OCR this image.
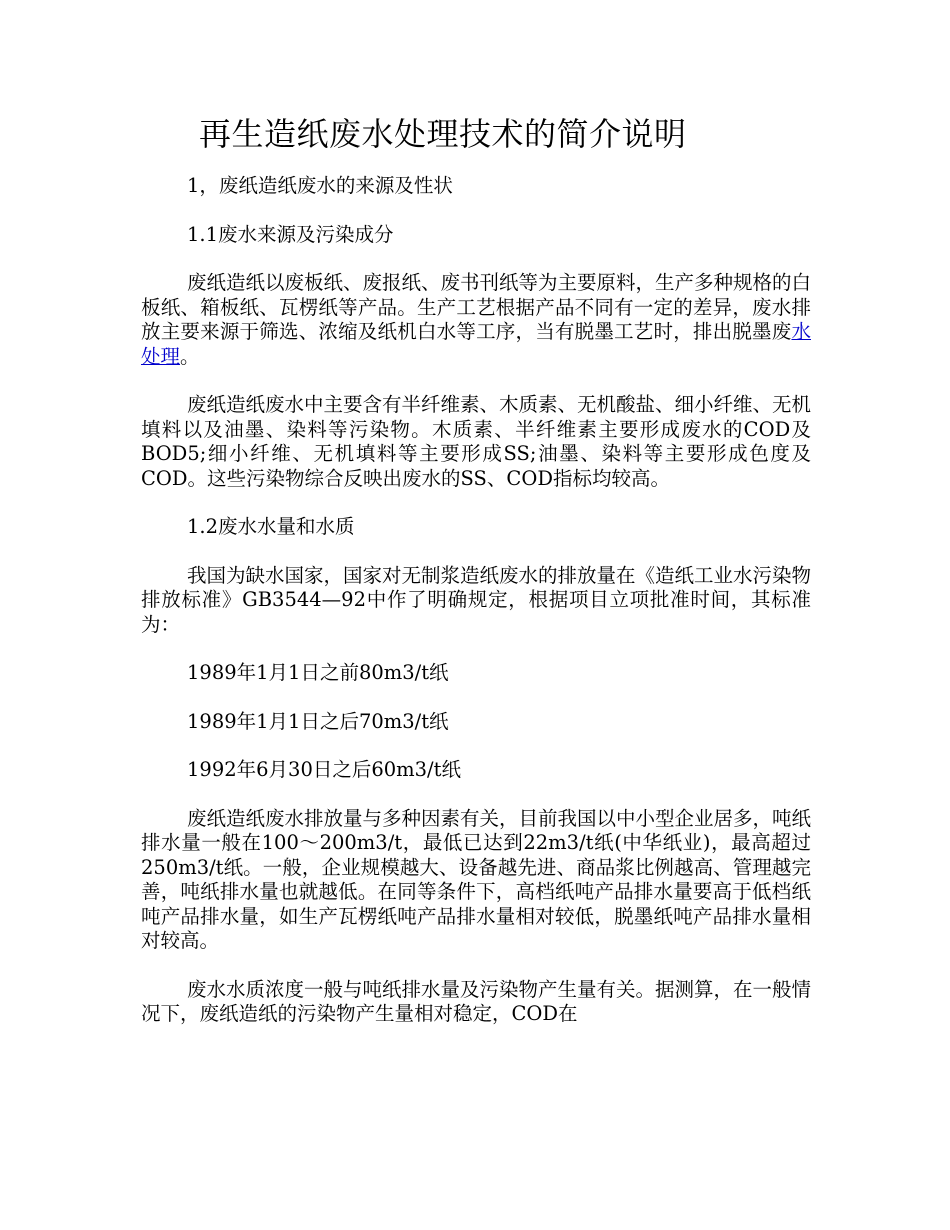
再生造纸废水处理技术的简介说明

1，废纸造纸废水的来源及性状

1.1废水来源及污染成分

废纸造纸以废板纸、废报纸、废书刊纸等为主要原料，生产多种规格的白板纸、箱板纸、瓦楞纸等产品。生产工艺根据产品不同有一定的差异，废水排放主要来源于筛选、浓缩及纸机白水等工序，当有脱墨工艺时，排出脱墨废水处理。

废纸造纸废水中主要含有半纤维素、木质素、无机酸盐、细小纤维、无机填料以及油墨、染料等污染物。木质素、半纤维素主要形成废水的COD及BOD5;细小纤维、无机填料等主要形成SS;油墨、染料等主要形成色度及COD。这些污染物综合反映出废水的SS、COD指标均较高。

1.2废水水量和水质

我国为缺水国家，国家对无制浆造纸废水的排放量在《造纸工业水污染物排放标准》GB3544—92中作了明确规定，根据项目立项批准时间，其标准为：

1989年1月1日之前80m3/t纸

1989年1月1日之后70m3/t纸

1992年6月30日之后60m3/t纸

废纸造纸废水排放量与多种因素有关，目前我国以中小型企业居多，吨纸排水量一般在100～200m3/t，最低已达到22m3/t纸(中华纸业)，最高超过250m3/t纸。一般，企业规模越大、设备越先进、商品浆比例越高、管理越完善，吨纸排水量也就越低。在同等条件下，高档纸吨产品排水量要高于低档纸吨产品排水量，如生产瓦楞纸吨产品排水量相对较低，脱墨纸吨产品排水量相对较高。

废水水质浓度一般与吨纸排水量及污染物产生量有关。据测算，在一般情况下，废纸造纸的污染物产生量相对稳定，COD在
